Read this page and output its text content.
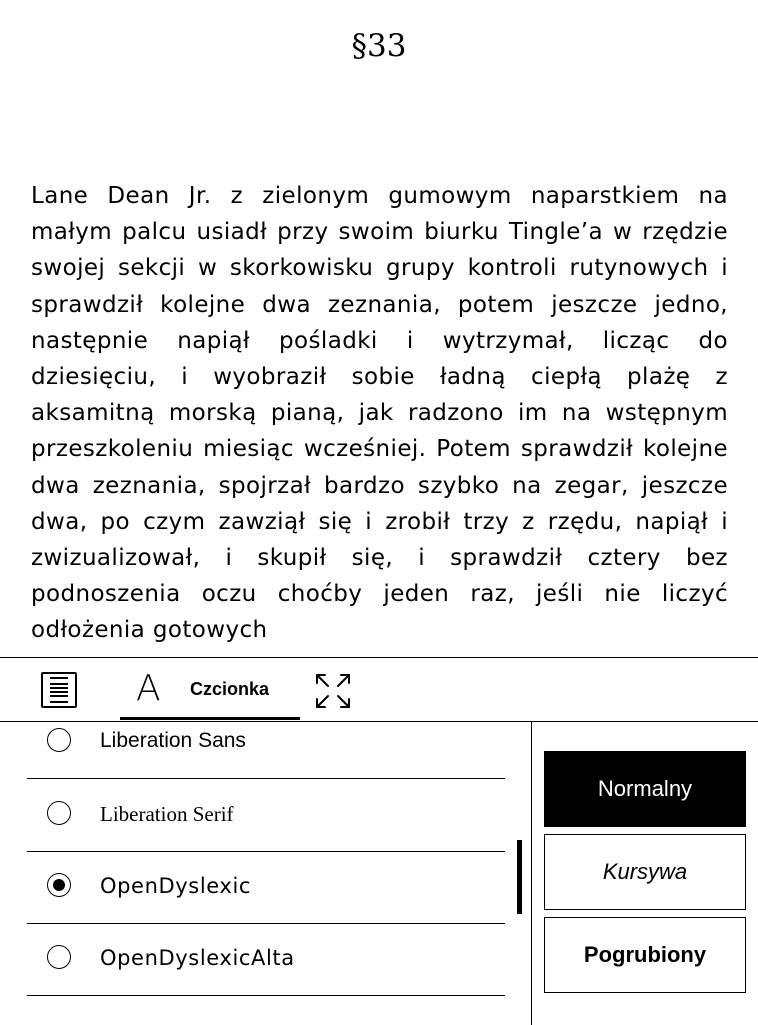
§33

Lane Dean Jr. z zielonym gumowym naparstkiem na małym palcu usiadł przy swoim biurku Tingle’a w rzędzie swojej sekcji w skorkowisku grupy kontroli rutynowych i sprawdził kolejne dwa zeznania, potem jeszcze jedno, następnie napiął pośladki i wytrzymał, licząc do dziesięciu, i wyobraził sobie ładną ciepłą plażę z aksamitną morską pianą, jak radzono im na wstępnym przeszkoleniu miesiąc wcześniej. Potem sprawdził kolejne dwa zeznania, spojrzał bardzo szybko na zegar, jeszcze dwa, po czym zawziął się i zrobił trzy z rzędu, napiął i zwizualizował, i skupił się, i sprawdził cztery bez podnoszenia oczu choćby jeden raz, jeśli nie liczyć odłożenia gotowych

A Czcionka
Liberation Sans
Liberation Serif
OpenDyslexic
OpenDyslexicAlta
Normalny
Kursywa
Pogrubiony
